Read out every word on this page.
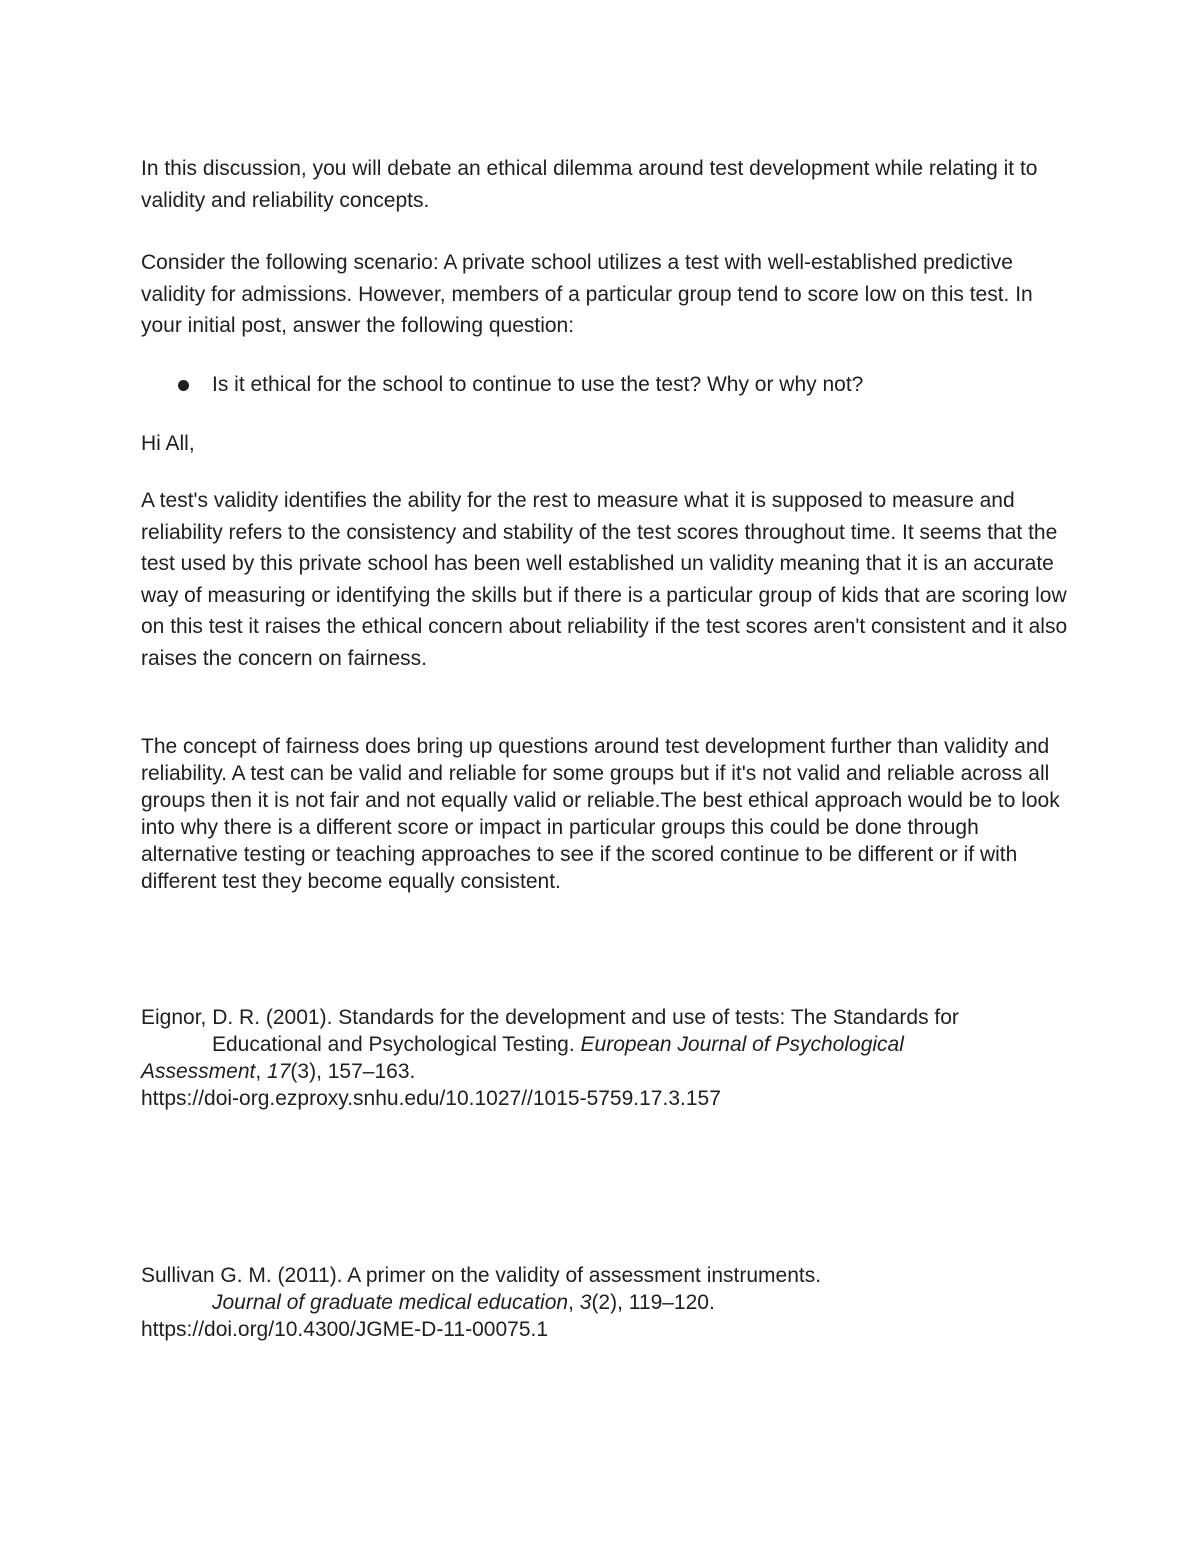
In this discussion, you will debate an ethical dilemma around test development while relating it to validity and reliability concepts.

Consider the following scenario: A private school utilizes a test with well-established predictive validity for admissions. However, members of a particular group tend to score low on this test. In your initial post, answer the following question:

Is it ethical for the school to continue to use the test? Why or why not?

Hi All,

A test's validity identifies the ability for the rest to measure what it is supposed to measure and reliability refers to the consistency and stability of the test scores throughout time. It seems that the test used by this private school has been well established un validity meaning that it is an accurate way of measuring or identifying the skills but if there is a particular group of kids that are scoring low on this test it raises the ethical concern about reliability if the test scores aren't consistent and it also raises the concern on fairness.

The concept of fairness does bring up questions around test development further than validity and reliability. A test can be valid and reliable for some groups but if it's not valid and reliable across all groups then it is not fair and not equally valid or reliable.The best ethical approach would be to look into why there is a different score or impact in particular groups this could be done through alternative testing or teaching approaches to see if the scored continue to be different or if with different test they become equally consistent.

Eignor, D. R. (2001). Standards for the development and use of tests: The Standards for
Educational and Psychological Testing. European Journal of Psychological
Assessment, 17(3), 157–163.
https://doi-org.ezproxy.snhu.edu/10.1027//1015-5759.17.3.157
Sullivan G. M. (2011). A primer on the validity of assessment instruments.
Journal of graduate medical education, 3(2), 119–120.
https://doi.org/10.4300/JGME-D-11-00075.1
